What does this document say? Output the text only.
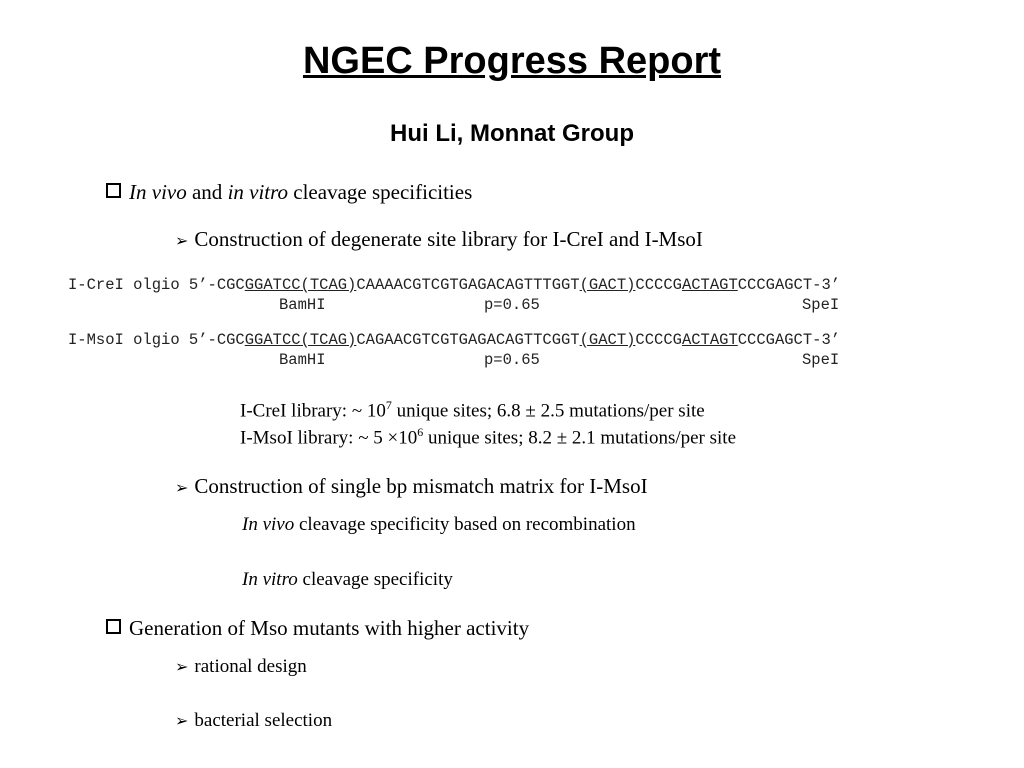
NGEC Progress Report
Hui Li, Monnat Group
In vivo and in vitro cleavage specificities
➢ Construction of degenerate site library for I-CreI and I-MsoI
I-CreI olgio 5’-CGCGGATCC(TCAG)CAAAACGTCGTGAGACAGTTTGGT(GACT)CCCCGACTAGTCCCGAGCT-3’
BamHI	p=0.65	SpeI
I-MsoI olgio 5’-CGCGGATCC(TCAG)CAGAACGTCGTGAGACAGTTCGGT(GACT)CCCCGACTAGTCCCGAGCT-3’
BamHI	p=0.65	SpeI
I-CreI library: ~ $10^7$ unique sites; 6.8 ± 2.5 mutations/per site
I-MsoI library: ~ $5 \times 10^6$ unique sites; 8.2 ± 2.1 mutations/per site
➢ Construction of single bp mismatch matrix for I-MsoI
In vivo cleavage specificity based on recombination
In vitro cleavage specificity
Generation of Mso mutants with higher activity
➢ rational design
➢ bacterial selection
